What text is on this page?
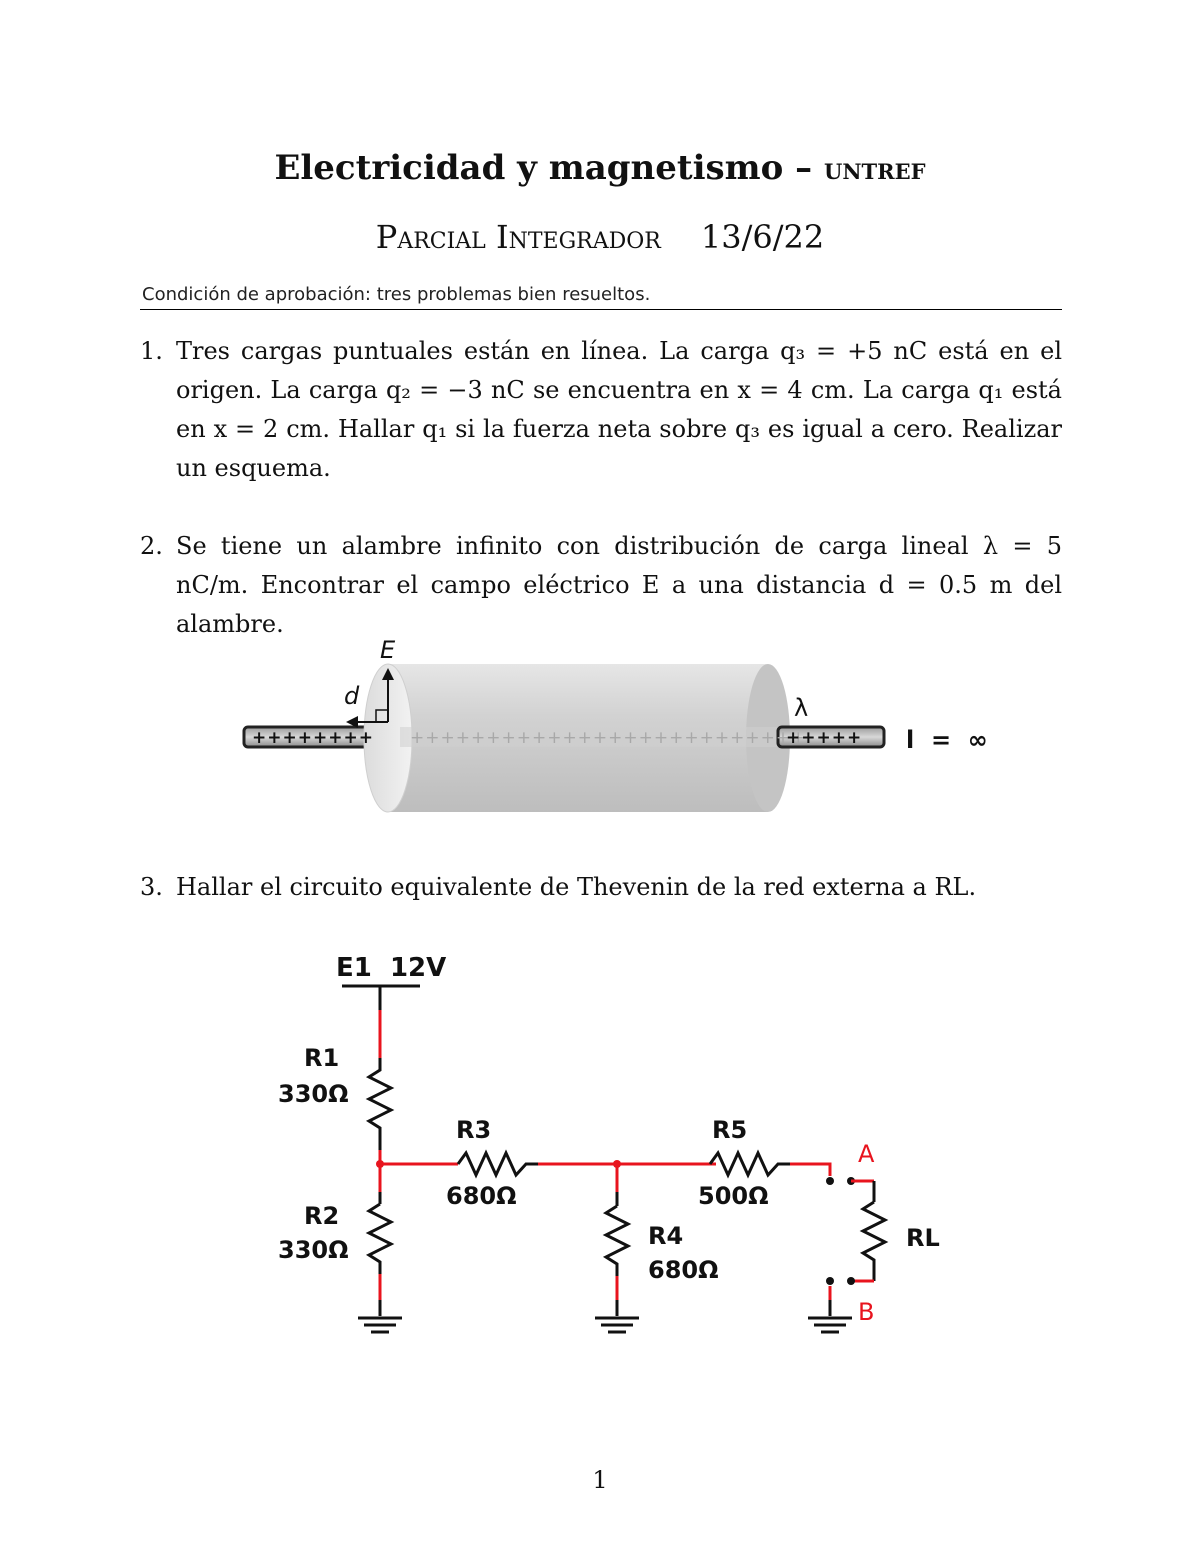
Electricidad y magnetismo – untref
Parcial Integrador 13/6/22
Condición de aprobación: tres problemas bien resueltos.
1. Tres cargas puntuales están en línea. La carga q₃ = +5 nC está en el origen. La carga q₂ = −3 nC se encuentra en x = 4 cm. La carga q₁ está en x = 2 cm. Hallar q₁ si la fuerza neta sobre q₃ es igual a cero. Realizar un esquema.
2. Se tiene un alambre infinito con distribución de carga lineal λ = 5 nC/m. Encontrar el campo eléctrico E a una distancia d = 0.5 m del alambre.
++++++++ ++++++++++++++++++++++++++
+++++
E
d	λ
l  =  ∞
3. Hallar el circuito equivalente de Thevenin de la red externa a RL.
E1  12V
R1
330Ω
R2
330Ω
R3
680Ω
R4
680Ω
R5
500Ω
A
RL
B
1
